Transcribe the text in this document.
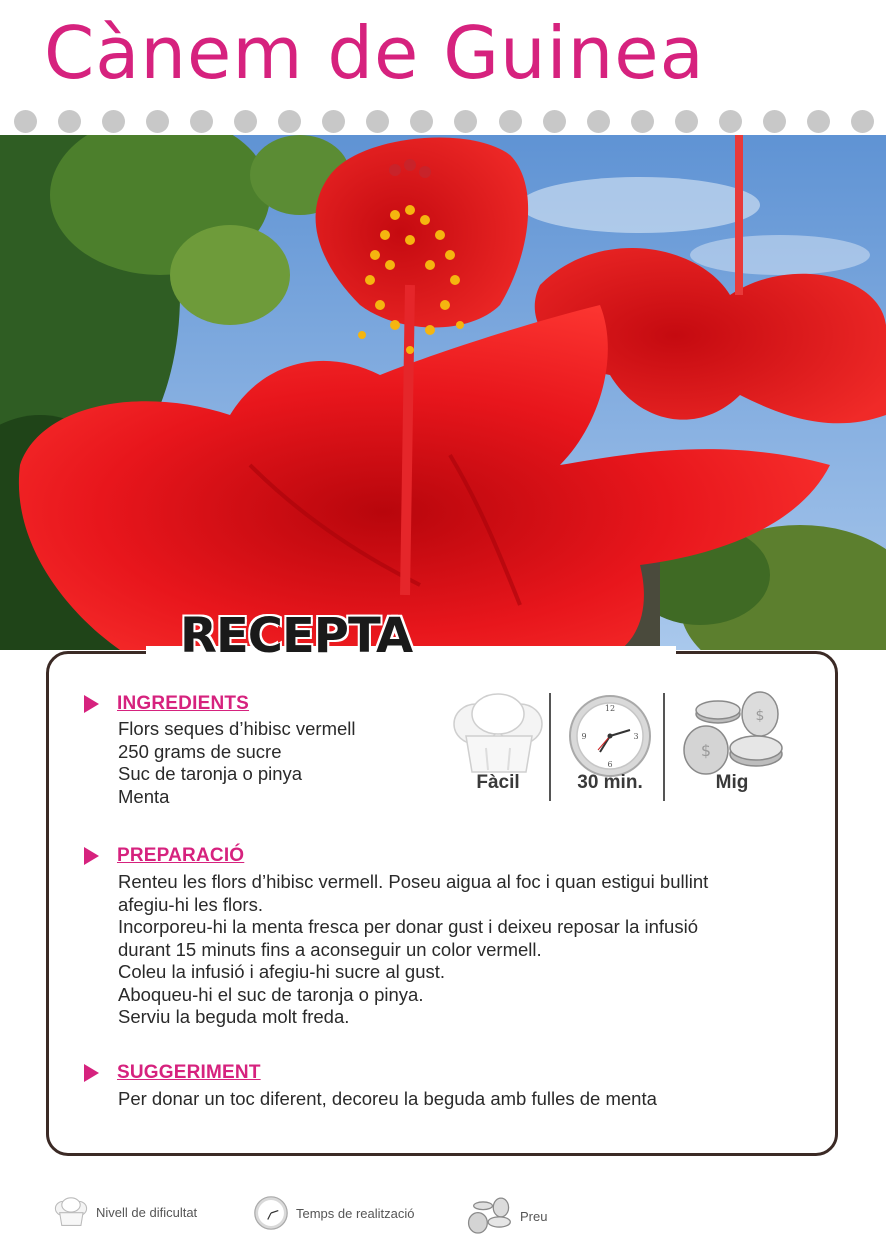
Cànem de Guinea
RECEPTA
INGREDIENTS
Flors seques d’hibisc vermell
250 grams de sucre
Suc de taronja o pinya
Menta
Fàcil
12
3
6
9
30 min.
$
$
Mig
PREPARACIÓ
Renteu les flors d’hibisc vermell. Poseu aigua al foc i quan estigui bullint
afegiu-hi les flors.
Incorporeu-hi la menta fresca per donar gust i deixeu reposar la infusió
durant 15 minuts fins a aconseguir un color vermell.
Coleu la infusió i afegiu-hi sucre al gust.
Aboqueu-hi el suc de taronja o pinya.
Serviu la beguda molt freda.
SUGGERIMENT
Per donar un toc diferent, decoreu la beguda amb fulles de menta
Nivell de dificultat	Temps de realització	Preu
